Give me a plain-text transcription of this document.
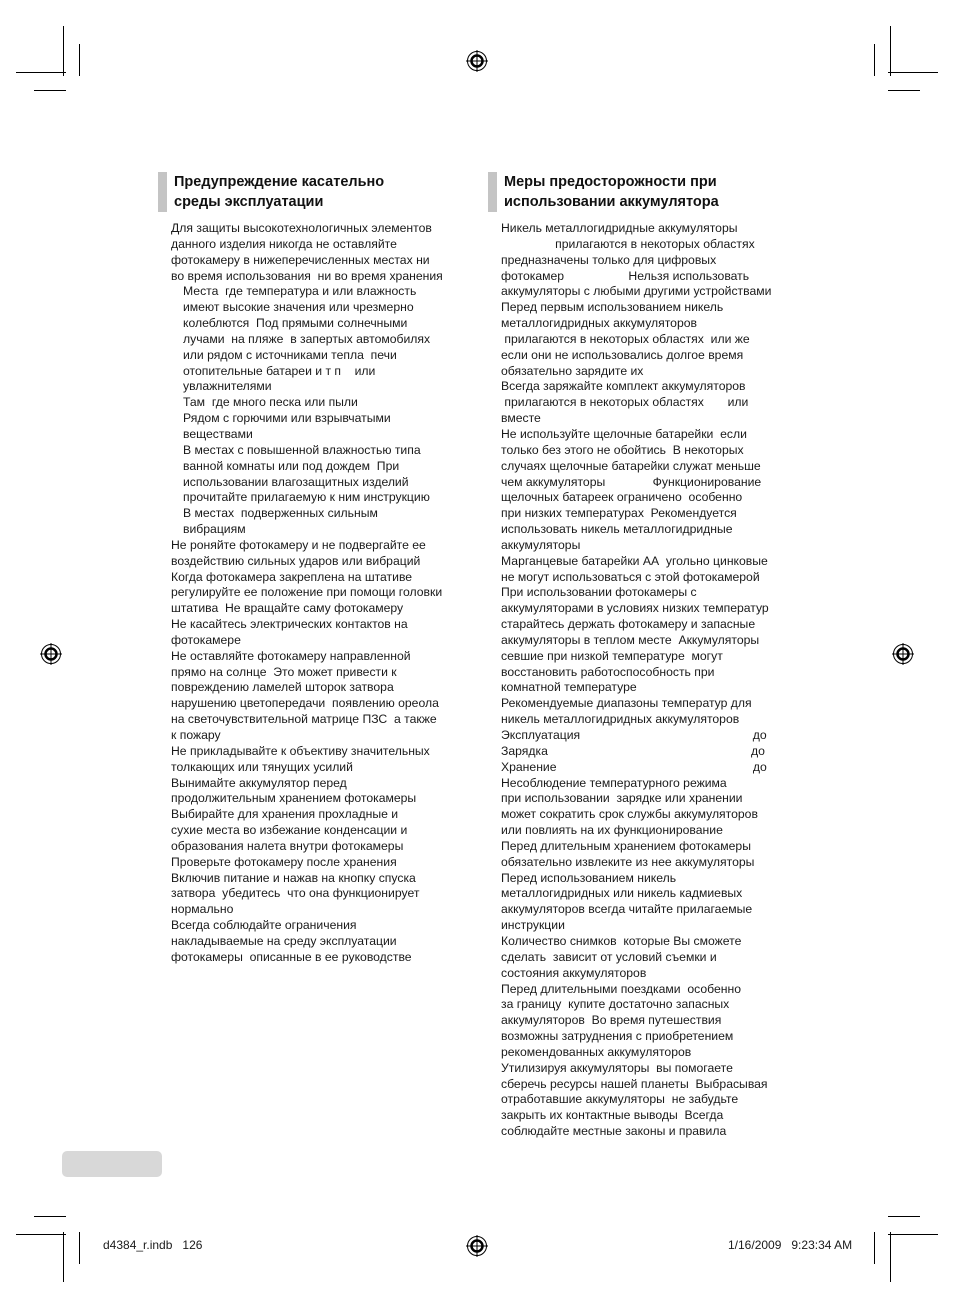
Предупреждение касательно
среды эксплуатации
Для защиты высокотехнологичных элементов
данного изделия никогда не оставляйте
фотокамеру в нижеперечисленных местах ни
во время использования  ни во время хранения
Места  где температура и или влажность
имеют высокие значения или чрезмерно
колеблются  Под прямыми солнечными
лучами  на пляже  в запертых автомобилях
или рядом с источниками тепла  печи
отопительные батареи и т п    или
увлажнителями
Там  где много песка или пыли
Рядом с горючими или взрывчатыми
веществами
В местах с повышенной влажностью типа
ванной комнаты или под дождем  При
использовании влагозащитных изделий
прочитайте прилагаемую к ним инструкцию
В местах  подверженных сильным
вибрациям
Не роняйте фотокамеру и не подвергайте ее
воздействию сильных ударов или вибраций
Когда фотокамера закреплена на штативе
регулируйте ее положение при помощи головки
штатива  Не вращайте саму фотокамеру
Не касайтесь электрических контактов на
фотокамере
Не оставляйте фотокамеру направленной
прямо на солнце  Это может привести к
повреждению ламелей шторок затвора
нарушению цветопередачи  появлению ореола
на светочувствительной матрице ПЗС  а также
к пожару
Не прикладывайте к объективу значительных
толкающих или тянущих усилий
Вынимайте аккумулятор перед
продолжительным хранением фотокамеры
Выбирайте для хранения прохладные и
сухие места во избежание конденсации и
образования налета внутри фотокамеры
Проверьте фотокамеру после хранения
Включив питание и нажав на кнопку спуска
затвора  убедитесь  что она функционирует
нормально
Всегда соблюдайте ограничения
накладываемые на среду эксплуатации
фотокамеры  описанные в ее руководстве
Меры предосторожности при
использовании аккумулятора
Никель металлогидридные аккумуляторы
прилагаются в некоторых областях
предназначены только для цифровых
фотокамер                   Нельзя использовать
аккумуляторы с любыми другими устройствами
Перед первым использованием никель
металлогидридных аккумуляторов
прилагаются в некоторых областях  или же
если они не использовались долгое время
обязательно зарядите их
Всегда заряжайте комплект аккумуляторов
прилагаются в некоторых областях       или
вместе
Не используйте щелочные батарейки  если
только без этого не обойтись  В некоторых
случаях щелочные батарейки служат меньше
чем аккумуляторы              Функционирование
щелочных батареек ограничено  особенно
при низких температурах  Рекомендуется
использовать никель металлогидридные
аккумуляторы
Марганцевые батарейки АА  угольно цинковые
не могут использоваться с этой фотокамерой
При использовании фотокамеры с
аккумуляторами в условиях низких температур
старайтесь держать фотокамеру и запасные
аккумуляторы в теплом месте  Аккумуляторы
севшие при низкой температуре  могут
восстановить работоспособность при
комнатной температуре
Рекомендуемые диапазоны температур для
никель металлогидридных аккумуляторов
Эксплуатация                                                   до
Зарядка                                                            до
Хранение                                                          до
Несоблюдение температурного режима
при использовании  зарядке или хранении
может сократить срок службы аккумуляторов
или повлиять на их функционирование
Перед длительным хранением фотокамеры
обязательно извлеките из нее аккумуляторы
Перед использованием никель
металлогидридных или никель кадмиевых
аккумуляторов всегда читайте прилагаемые
инструкции
Количество снимков  которые Вы сможете
сделать  зависит от условий съемки и
состояния аккумуляторов
Перед длительными поездками  особенно
за границу  купите достаточно запасных
аккумуляторов  Во время путешествия
возможны затруднения с приобретением
рекомендованных аккумуляторов
Утилизируя аккумуляторы  вы помогаете
сберечь ресурсы нашей планеты  Выбрасывая
отработавшие аккумуляторы  не забудьте
закрыть их контактные выводы  Всегда
соблюдайте местные законы и правила
d4384_r.indb   126	1/16/2009   9:23:34 AM
